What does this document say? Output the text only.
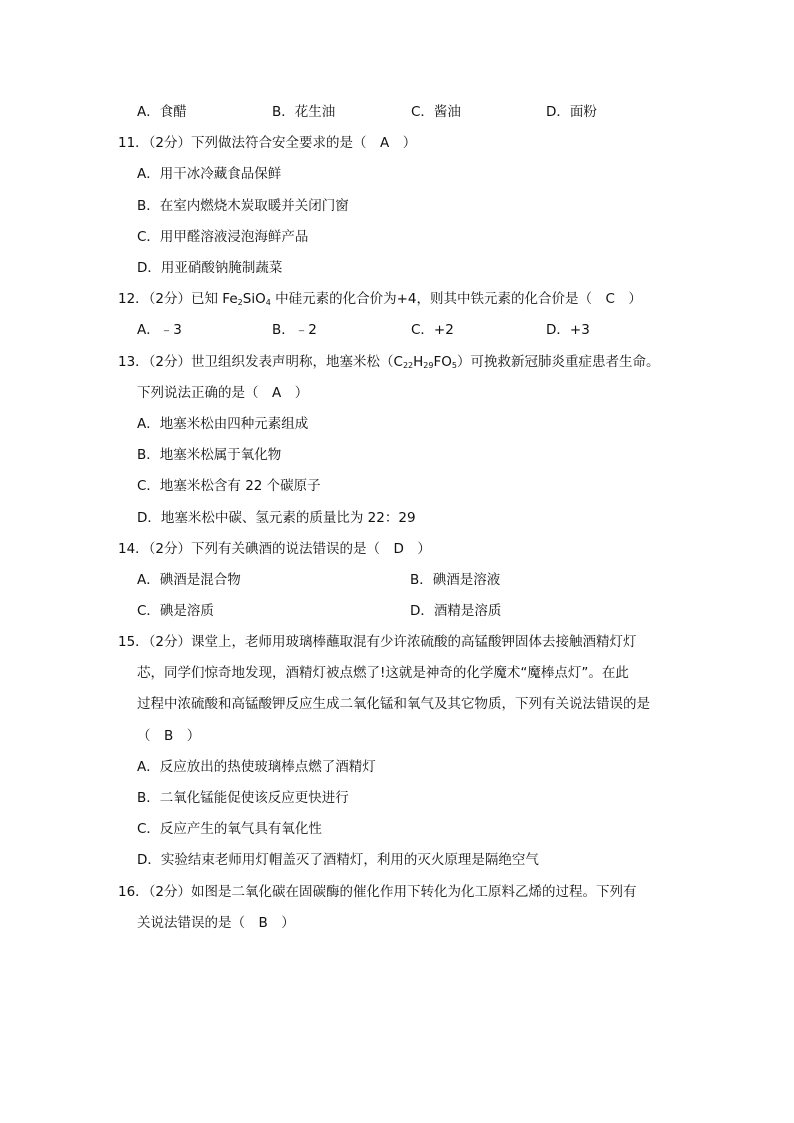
A．食醋	B．花生油	C．酱油	D．面粉
11．（2分）下列做法符合安全要求的是（　A　）
A．用干冰冷藏食品保鲜
B．在室内燃烧木炭取暖并关闭门窗
C．用甲醛溶液浸泡海鲜产品
D．用亚硝酸钠腌制蔬菜
12．（2分）已知 $Fe_2SiO_4$ 中硅元素的化合价为+4，则其中铁元素的化合价是（　C　）
A．﹣3	B．﹣2	C．+2	D．+3
13．（2分）世卫组织发表声明称，地塞米松$(C_{22}H_{29}FO_5)$可挽救新冠肺炎重症患者生命。
下列说法正确的是（　A　）
A．地塞米松由四种元素组成
B．地塞米松属于氧化物
C．地塞米松含有 22 个碳原子
D．地塞米松中碳、氢元素的质量比为 22：29
14．（2分）下列有关碘酒的说法错误的是（　D　）
A．碘酒是混合物	B．碘酒是溶液
C．碘是溶质	D．酒精是溶质
15．（2分）课堂上，老师用玻璃棒蘸取混有少许浓硫酸的高锰酸钾固体去接触酒精灯灯
芯，同学们惊奇地发现，酒精灯被点燃了!这就是神奇的化学魔术“魔棒点灯”。在此
过程中浓硫酸和高锰酸钾反应生成二氧化锰和氧气及其它物质，下列有关说法错误的是
（　B　）
A．反应放出的热使玻璃棒点燃了酒精灯
B．二氧化锰能促使该反应更快进行
C．反应产生的氧气具有氧化性
D．实验结束老师用灯帽盖灭了酒精灯，利用的灭火原理是隔绝空气
16．（2分）如图是二氧化碳在固碳酶的催化作用下转化为化工原料乙烯的过程。下列有
关说法错误的是（　B　）
